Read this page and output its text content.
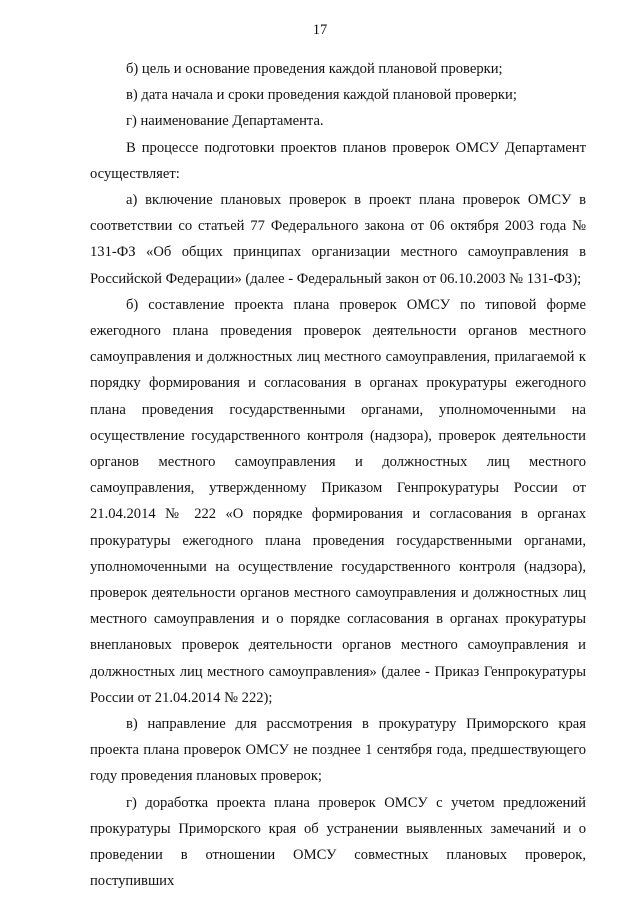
17

б) цель и основание проведения каждой плановой проверки;

в) дата начала и сроки проведения каждой плановой проверки;

г) наименование Департамента.

В процессе подготовки проектов планов проверок ОМСУ Департамент осуществляет:

а) включение плановых проверок в проект плана проверок ОМСУ в соответствии со статьей 77 Федерального закона от 06 октября 2003 года № 131-ФЗ «Об общих принципах организации местного самоуправления в Российской Федерации» (далее - Федеральный закон от 06.10.2003 № 131-ФЗ);

б) составление проекта плана проверок ОМСУ по типовой форме ежегодного плана проведения проверок деятельности органов местного самоуправления и должностных лиц местного самоуправления, прилагаемой к порядку формирования и согласования в органах прокуратуры ежегодного плана проведения государственными органами, уполномоченными на осуществление государственного контроля (надзора), проверок деятельности органов местного самоуправления и должностных лиц местного самоуправления, утвержденному Приказом Генпрокуратуры России от 21.04.2014 № 222 «О порядке формирования и согласования в органах прокуратуры ежегодного плана проведения государственными органами, уполномоченными на осуществление государственного контроля (надзора), проверок деятельности органов местного самоуправления и должностных лиц местного самоуправления и о порядке согласования в органах прокуратуры внеплановых проверок деятельности органов местного самоуправления и должностных лиц местного самоуправления» (далее - Приказ Генпрокуратуры России от 21.04.2014 № 222);

в) направление для рассмотрения в прокуратуру Приморского края проекта плана проверок ОМСУ не позднее 1 сентября года, предшествующего году проведения плановых проверок;

г) доработка проекта плана проверок ОМСУ с учетом предложений прокуратуры Приморского края об устранении выявленных замечаний и о проведении в отношении ОМСУ совместных плановых проверок, поступивших
